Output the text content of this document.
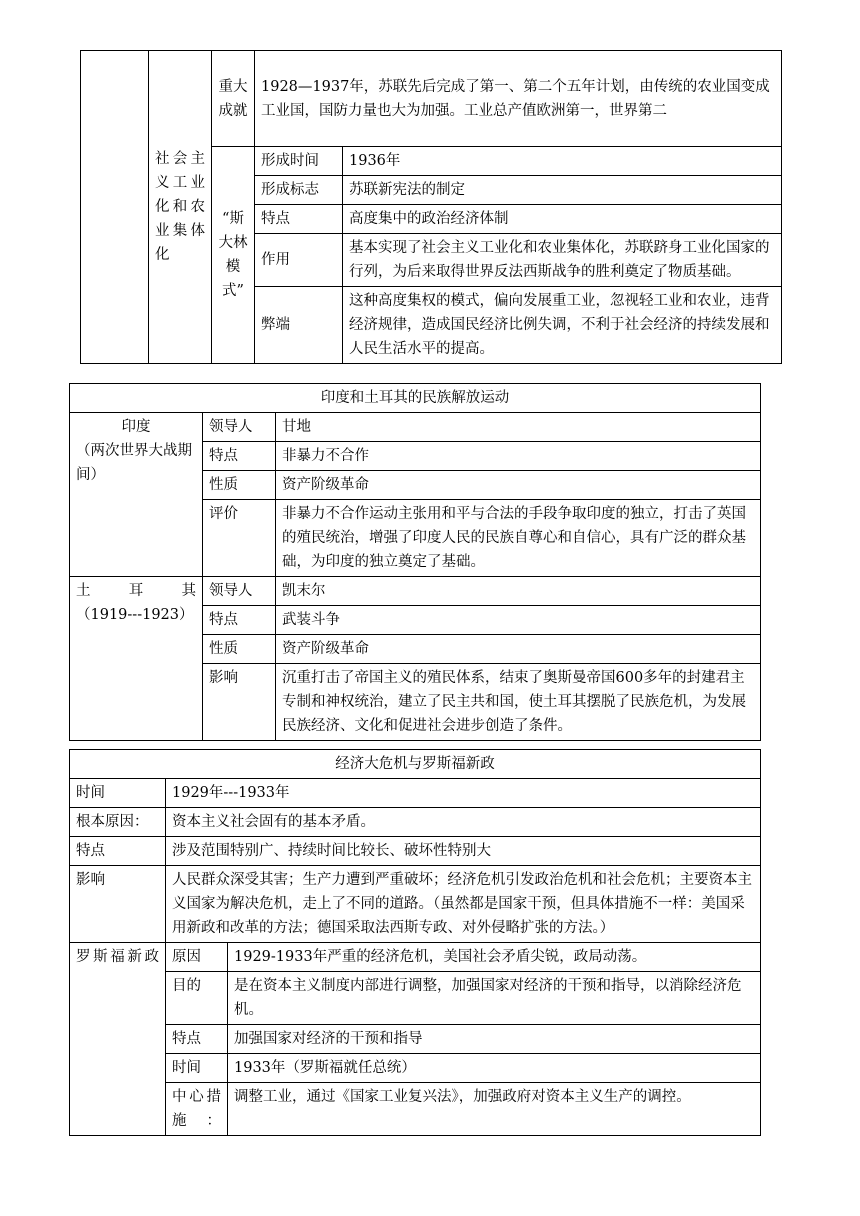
	社会主义工业化和农业集体化	重大成就	1928—1937年，苏联先后完成了第一、第二个五年计划，由传统的农业国变成工业国，国防力量也大为加强。工业总产值欧洲第一，世界第二	
		“斯大林模式”	形成时间	1936年
			形成标志	苏联新宪法的制定
			特点	高度集中的政治经济体制
			作用	基本实现了社会主义工业化和农业集体化，苏联跻身工业化国家的行列，为后来取得世界反法西斯战争的胜利奠定了物质基础。
			弊端	这种高度集权的模式，偏向发展重工业，忽视轻工业和农业，违背经济规律，造成国民经济比例失调，不利于社会经济的持续发展和人民生活水平的提高。

印度和土耳其的民族解放运动		

印度
（两次世界大战期间）	领导人	甘地
	特点	非暴力不合作
	性质	资产阶级革命
	评价	非暴力不合作运动主张用和平与合法的手段争取印度的独立，打击了英国的殖民统治，增强了印度人民的民族自尊心和自信心，具有广泛的群众基础，为印度的独立奠定了基础。

土耳其
（1919---1923）	领导人	凯末尔
	特点	武装斗争
	性质	资产阶级革命
	影响	沉重打击了帝国主义的殖民体系，结束了奥斯曼帝国600多年的封建君主专制和神权统治，建立了民主共和国，使土耳其摆脱了民族危机，为发展民族经济、文化和促进社会进步创造了条件。
经济大危机与罗斯福新政		
时间	1929年---1933年	
根本原因：	资本主义社会固有的基本矛盾。	
特点	涉及范围特别广、持续时间比较长、破坏性特别大	
影响	人民群众深受其害；生产力遭到严重破坏；经济危机引发政治危机和社会危机；主要资本主义国家为解决危机，走上了不同的道路。（虽然都是国家干预，但具体措施不一样：美国采用新政和改革的方法；德国采取法西斯专政、对外侵略扩张的方法。）	
罗斯福新政	原因	1929-1933年严重的经济危机，美国社会矛盾尖锐，政局动荡。
	目的	是在资本主义制度内部进行调整，加强国家对经济的干预和指导，以消除经济危机。
	特点	加强国家对经济的干预和指导
	时间	1933年（罗斯福就任总统）
	中心措施：	调整工业，通过《国家工业复兴法》，加强政府对资本主义生产的调控。
